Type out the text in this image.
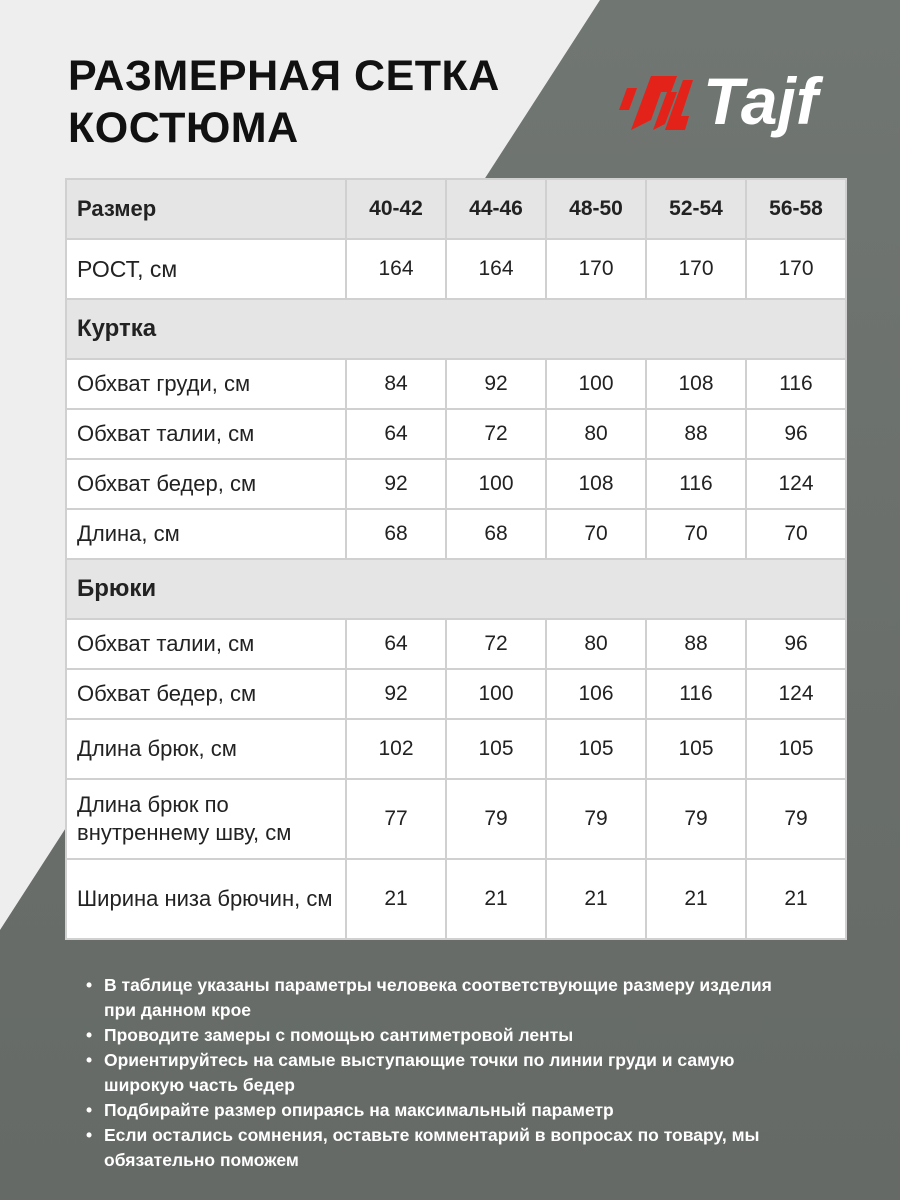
РАЗМЕРНАЯ СЕТКА
КОСТЮМА	Tajf
Размер	40-42	44-46	48-50	52-54	56-58
РОСТ, см	164	164	170	170	170
Куртка					
Обхват груди, см	84	92	100	108	116
Обхват талии, см	64	72	80	88	96
Обхват бедер, см	92	100	108	116	124
Длина, см	68	68	70	70	70
Брюки					
Обхват талии, см	64	72	80	88	96
Обхват бедер, см	92	100	106	116	124
Длина брюк, см	102	105	105	105	105
Длина брюк по внутреннему шву, см	77	79	79	79	79
Ширина низа брючин, см	21	21	21	21	21
• В таблице указаны параметры человека соответствующие размеру изделия при данном крое
• Проводите замеры с помощью сантиметровой ленты
• Ориентируйтесь на самые выступающие точки по линии груди и самую широкую часть бедер
• Подбирайте размер опираясь на максимальный параметр
• Если остались сомнения, оставьте комментарий в вопросах по товару, мы обязательно поможем
